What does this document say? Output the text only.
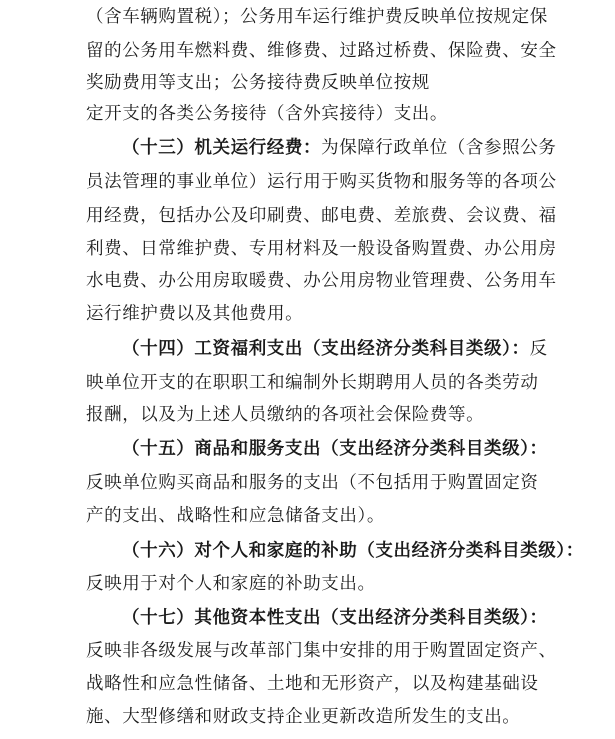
（含车辆购置税）；公务用车运行维护费反映单位按规定保
留的公务用车燃料费、维修费、过路过桥费、保险费、安全
奖励费用等支出；公务接待费反映单位按规
定开支的各类公务接待（含外宾接待）支出。
（十三）机关运行经费：为保障行政单位（含参照公务
员法管理的事业单位）运行用于购买货物和服务等的各项公
用经费，包括办公及印刷费、邮电费、差旅费、会议费、福
利费、日常维护费、专用材料及一般设备购置费、办公用房
水电费、办公用房取暖费、办公用房物业管理费、公务用车
运行维护费以及其他费用。
（十四）工资福利支出（支出经济分类科目类级）：反
映单位开支的在职职工和编制外长期聘用人员的各类劳动
报酬，以及为上述人员缴纳的各项社会保险费等。
（十五）商品和服务支出（支出经济分类科目类级）：
反映单位购买商品和服务的支出（不包括用于购置固定资
产的支出、战略性和应急储备支出）。
（十六）对个人和家庭的补助（支出经济分类科目类级）：
反映用于对个人和家庭的补助支出。
（十七）其他资本性支出（支出经济分类科目类级）：
反映非各级发展与改革部门集中安排的用于购置固定资产、
战略性和应急性储备、土地和无形资产，以及构建基础设
施、大型修缮和财政支持企业更新改造所发生的支出。
